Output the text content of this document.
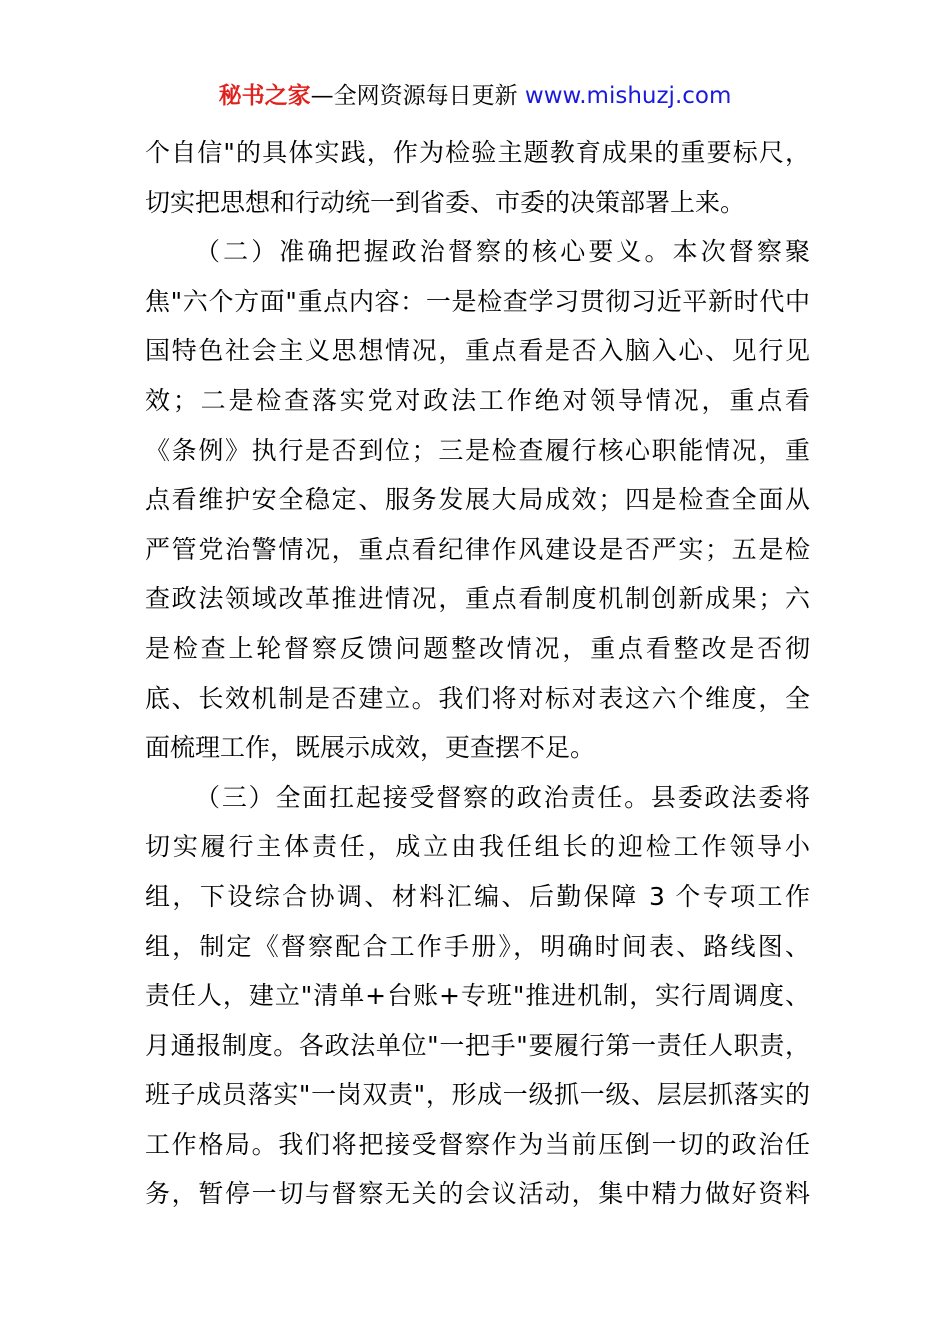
秘书之家—全网资源每日更新 www.mishuzj.com
个自信"的具体实践，作为检验主题教育成果的重要标尺，
切实把思想和行动统一到省委、市委的决策部署上来。
（二）准确把握政治督察的核心要义。本次督察聚
焦"六个方面"重点内容：一是检查学习贯彻习近平新时代中
国特色社会主义思想情况，重点看是否入脑入心、见行见
效；二是检查落实党对政法工作绝对领导情况，重点看
《条例》执行是否到位；三是检查履行核心职能情况，重
点看维护安全稳定、服务发展大局成效；四是检查全面从
严管党治警情况，重点看纪律作风建设是否严实；五是检
查政法领域改革推进情况，重点看制度机制创新成果；六
是检查上轮督察反馈问题整改情况，重点看整改是否彻
底、长效机制是否建立。我们将对标对表这六个维度，全
面梳理工作，既展示成效，更查摆不足。
（三）全面扛起接受督察的政治责任。县委政法委将
切实履行主体责任，成立由我任组长的迎检工作领导小
组，下设综合协调、材料汇编、后勤保障 3 个专项工作
组，制定《督察配合工作手册》，明确时间表、路线图、
责任人，建立"清单+台账+专班"推进机制，实行周调度、
月通报制度。各政法单位"一把手"要履行第一责任人职责，
班子成员落实"一岗双责"，形成一级抓一级、层层抓落实的
工作格局。我们将把接受督察作为当前压倒一切的政治任
务，暂停一切与督察无关的会议活动，集中精力做好资料
